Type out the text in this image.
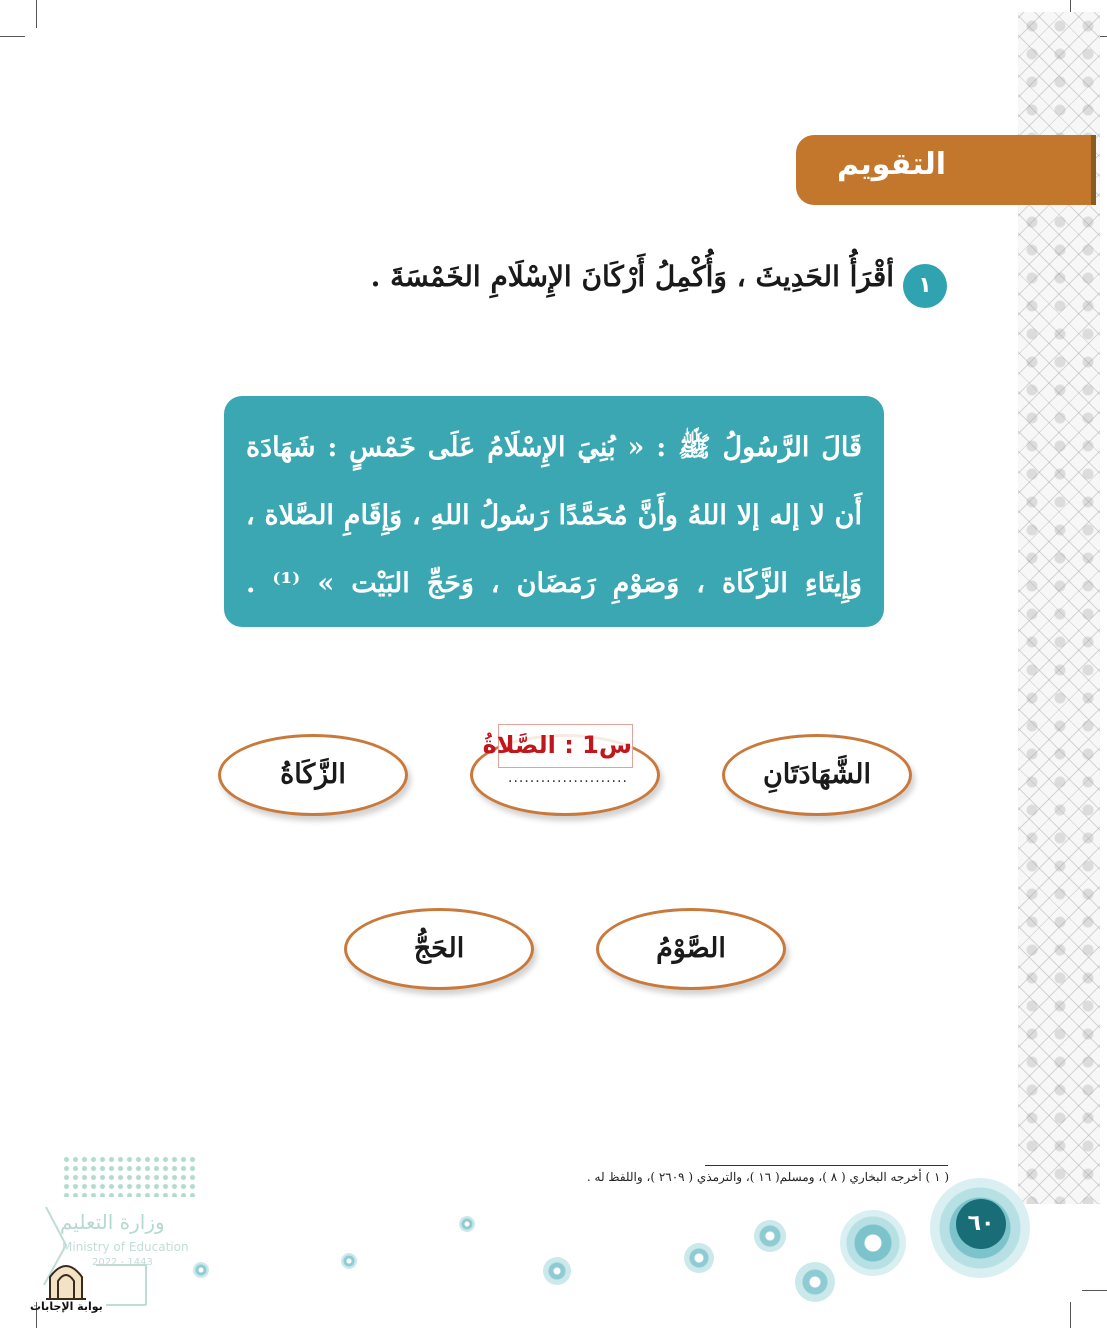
التقويم
١
أقْرَأُ الحَدِيثَ ، وَأُكْمِلُ أَرْكَانَ الإِسْلَامِ الخَمْسَةَ .
قَالَ الرَّسُولُ ﷺ : « بُنِيَ الإِسْلَامُ عَلَى خَمْسٍ : شَهَادَة
أَن لا إله إلا اللهُ وأَنَّ مُحَمَّدًا رَسُولُ اللهِ ، وَإِقَامِ الصَّلاة ،
وَإِيتَاءِ الزَّكَاة ، وَصَوْمِ رَمَضَان ، وَحَجِّ البَيْت » ⁽¹⁾ .
الشَّهَادَتَانِ
الزَّكَاةُ
الصَّوْمُ
الحَجُّ
س1 : الصَّلاةُ
......................
( ١ ) أخرجه البخاري ( ٨ )، ومسلم( ١٦ )، والترمذي ( ٢٦٠٩ )، واللفظ له .
٦٠
وزارة التعليم
Ministry of Education
2022 - 1443
بوابة الإجابات
